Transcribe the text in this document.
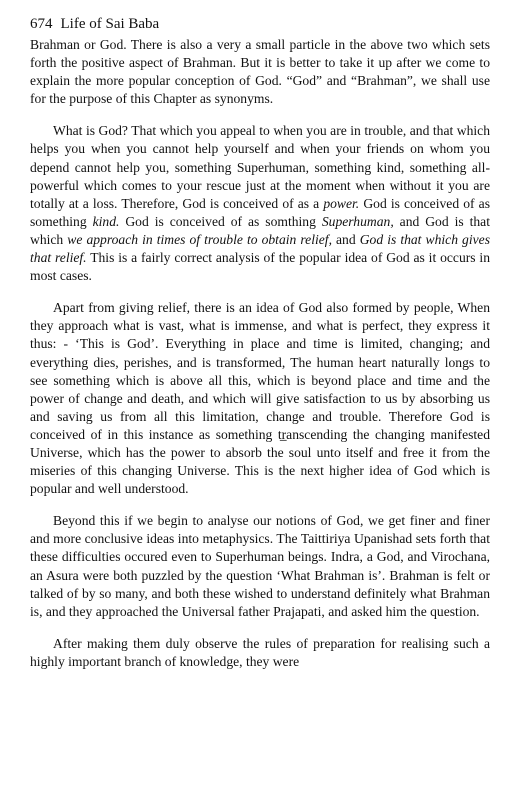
674 Life of Sai Baba

Brahman or God. There is also a very a small particle in the above two which sets forth the positive aspect of Brahman. But it is better to take it up after we come to explain the more popular conception of God. “God” and “Brahman”, we shall use for the purpose of this Chapter as synonyms.

What is God? That which you appeal to when you are in trouble, and that which helps you when you cannot help yourself and when your friends on whom you depend cannot help you, something Superhuman, something kind, something all-powerful which comes to your rescue just at the moment when without it you are totally at a loss. Therefore, God is conceived of as a power. God is conceived of as something kind. God is conceived of as somthing Superhuman, and God is that which we approach in times of trouble to obtain relief, and God is that which gives that relief. This is a fairly correct analysis of the popular idea of God as it occurs in most cases.

Apart from giving relief, there is an idea of God also formed by people, When they approach what is vast, what is immense, and what is perfect, they express it thus: - ‘This is God’. Everything in place and time is limited, changing; and everything dies, perishes, and is transformed, The human heart naturally longs to see something which is above all this, which is beyond place and time and the power of change and death, and which will give satisfaction to us by absorbing us and saving us from all this limitation, change and trouble. Therefore God is conceived of in this instance as something tr̲anscending the changing manifested Universe, which has the power to absorb the soul unto itself and free it from the miseries of this changing Universe. This is the next higher idea of God which is popular and well understood.

Beyond this if we begin to analyse our notions of God, we get finer and finer and more conclusive ideas into metaphysics. The Taittiriya Upanishad sets forth that these difficulties occured even to Superhuman beings. Indra, a God, and Virochana, an Asura were both puzzled by the question ‘What Brahman is’. Brahman is felt or talked of by so many, and both these wished to understand definitely what Brahman is, and they approached the Universal father Prajapati, and asked him the question.

After making them duly observe the rules of preparation for realising such a highly important branch of knowledge, they were
